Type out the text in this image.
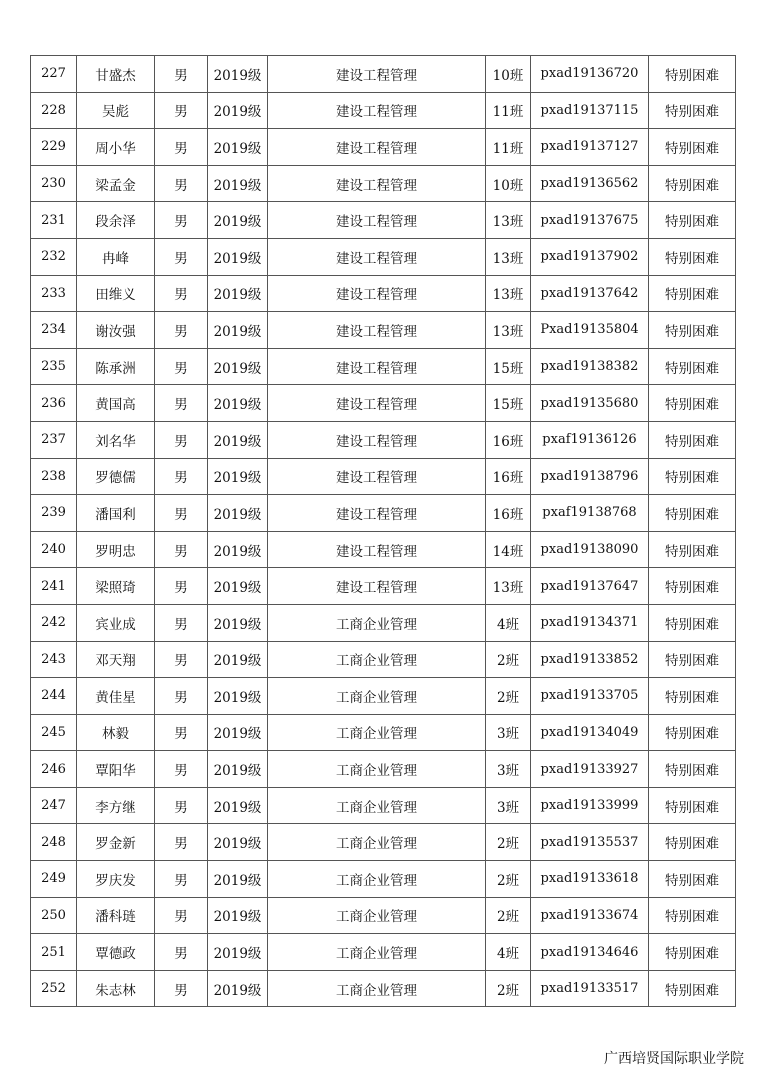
227	甘盛杰	男	2019级	建设工程管理	10班	pxad19136720	特别困难
228	吴彪	男	2019级	建设工程管理	11班	pxad19137115	特别困难
229	周小华	男	2019级	建设工程管理	11班	pxad19137127	特别困难
230	梁孟金	男	2019级	建设工程管理	10班	pxad19136562	特别困难
231	段余泽	男	2019级	建设工程管理	13班	pxad19137675	特别困难
232	冉峰	男	2019级	建设工程管理	13班	pxad19137902	特别困难
233	田维义	男	2019级	建设工程管理	13班	pxad19137642	特别困难
234	谢汝强	男	2019级	建设工程管理	13班	Pxad19135804	特别困难
235	陈承洲	男	2019级	建设工程管理	15班	pxad19138382	特别困难
236	黄国高	男	2019级	建设工程管理	15班	pxad19135680	特别困难
237	刘名华	男	2019级	建设工程管理	16班	pxaf19136126	特别困难
238	罗德儒	男	2019级	建设工程管理	16班	pxad19138796	特别困难
239	潘国利	男	2019级	建设工程管理	16班	pxaf19138768	特别困难
240	罗明忠	男	2019级	建设工程管理	14班	pxad19138090	特别困难
241	梁照琦	男	2019级	建设工程管理	13班	pxad19137647	特别困难
242	宾业成	男	2019级	工商企业管理	4班	pxad19134371	特别困难
243	邓天翔	男	2019级	工商企业管理	2班	pxad19133852	特别困难
244	黄佳星	男	2019级	工商企业管理	2班	pxad19133705	特别困难
245	林毅	男	2019级	工商企业管理	3班	pxad19134049	特别困难
246	覃阳华	男	2019级	工商企业管理	3班	pxad19133927	特别困难
247	李方继	男	2019级	工商企业管理	3班	pxad19133999	特别困难
248	罗金新	男	2019级	工商企业管理	2班	pxad19135537	特别困难
249	罗庆发	男	2019级	工商企业管理	2班	pxad19133618	特别困难
250	潘科琏	男	2019级	工商企业管理	2班	pxad19133674	特别困难
251	覃德政	男	2019级	工商企业管理	4班	pxad19134646	特别困难
252	朱志林	男	2019级	工商企业管理	2班	pxad19133517	特别困难
广西培贤国际职业学院
